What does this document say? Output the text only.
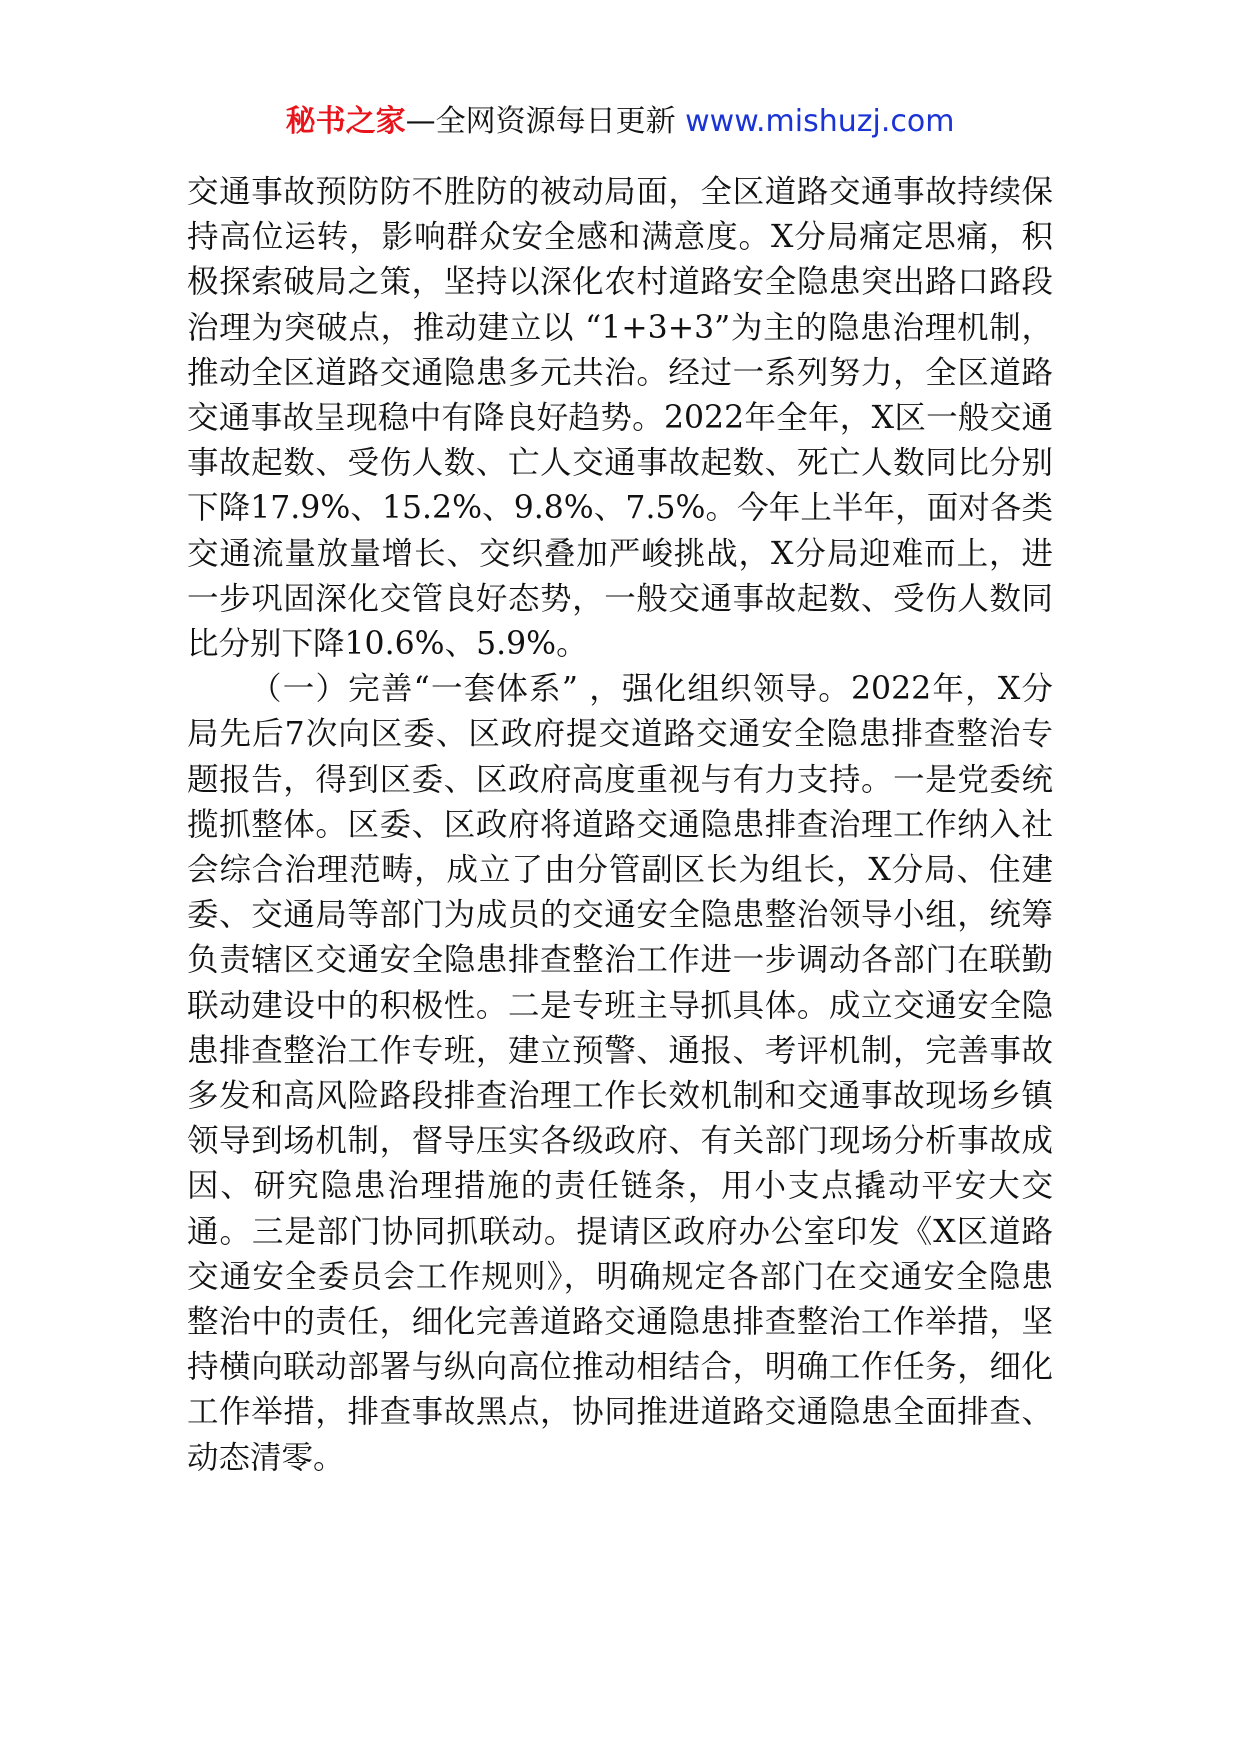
秘书之家—全网资源每日更新 www.mishuzj.com

交通事故预防防不胜防的被动局面，全区道路交通事故持续保持高位运转，影响群众安全感和满意度。X分局痛定思痛，积极探索破局之策，坚持以深化农村道路安全隐患突出路口路段治理为突破点，推动建立以 “1+3+3”为主的隐患治理机制，推动全区道路交通隐患多元共治。经过一系列努力，全区道路交通事故呈现稳中有降良好趋势。2022年全年，X区一般交通事故起数、受伤人数、亡人交通事故起数、死亡人数同比分别下降17.9%、15.2%、9.8%、7.5%。今年上半年，面对各类交通流量放量增长、交织叠加严峻挑战，X分局迎难而上，进一步巩固深化交管良好态势，一般交通事故起数、受伤人数同比分别下降10.6%、5.9%。

（一）完善“一套体系” ，强化组织领导。2022年，X分局先后7次向区委、区政府提交道路交通安全隐患排查整治专题报告，得到区委、区政府高度重视与有力支持。一是党委统揽抓整体。区委、区政府将道路交通隐患排查治理工作纳入社会综合治理范畴，成立了由分管副区长为组长，X分局、住建委、交通局等部门为成员的交通安全隐患整治领导小组，统筹负责辖区交通安全隐患排查整治工作进一步调动各部门在联勤联动建设中的积极性。二是专班主导抓具体。成立交通安全隐患排查整治工作专班，建立预警、通报、考评机制，完善事故多发和高风险路段排查治理工作长效机制和交通事故现场乡镇领导到场机制，督导压实各级政府、有关部门现场分析事故成因、研究隐患治理措施的责任链条，用小支点撬动平安大交通。三是部门协同抓联动。提请区政府办公室印发《X区道路交通安全委员会工作规则》，明确规定各部门在交通安全隐患整治中的责任，细化完善道路交通隐患排查整治工作举措，坚持横向联动部署与纵向高位推动相结合，明确工作任务，细化工作举措，排查事故黑点，协同推进道路交通隐患全面排查、动态清零。
